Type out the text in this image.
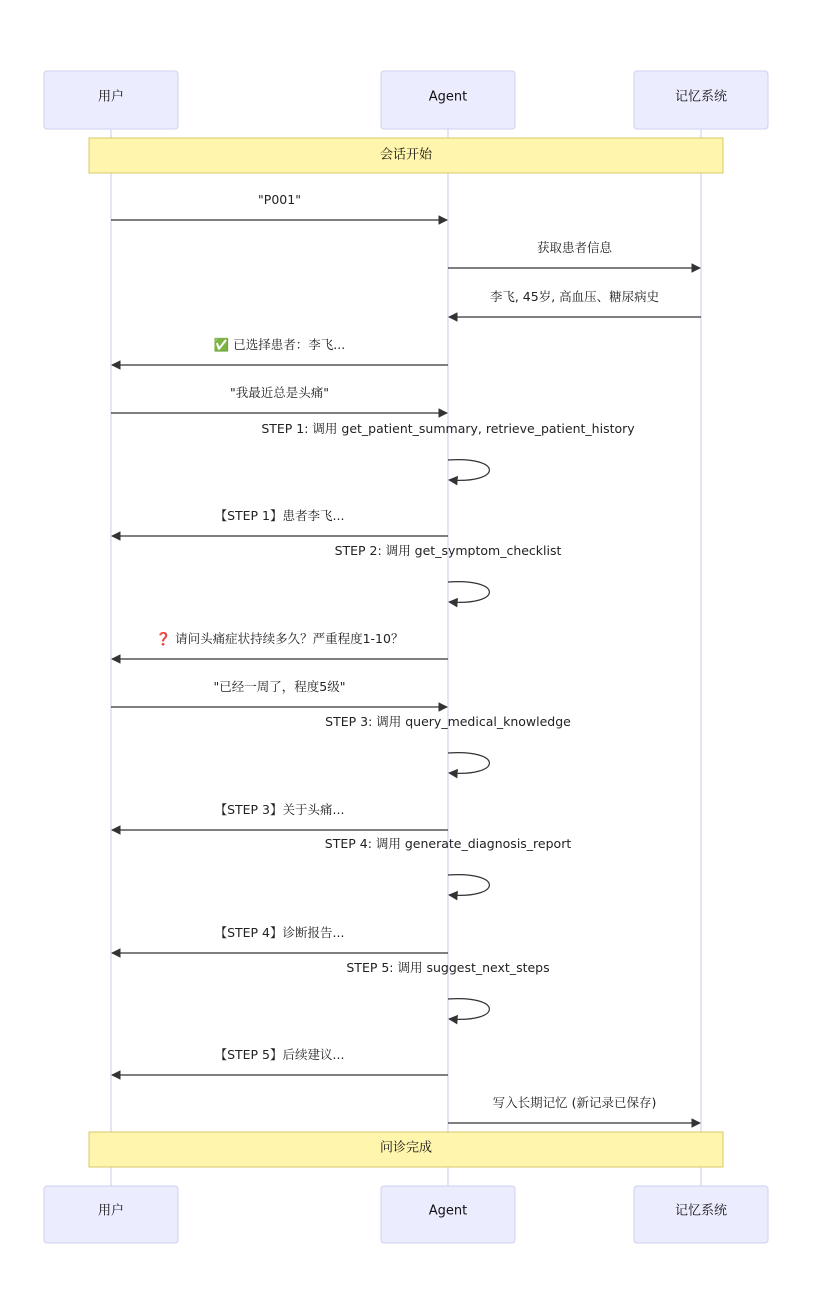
用户	Agent	记忆系统
会话开始
"P001"
获取患者信息
李飞, 45岁, 高血压、糖尿病史
✅ 已选择患者：李飞...
"我最近总是头痛"
STEP 1: 调用 get_patient_summary, retrieve_patient_history
【STEP 1】患者李飞...
STEP 2: 调用 get_symptom_checklist
❓ 请问头痛症状持续多久？严重程度1-10？
"已经一周了，程度5级"
STEP 3: 调用 query_medical_knowledge
【STEP 3】关于头痛...
STEP 4: 调用 generate_diagnosis_report
【STEP 4】诊断报告...
STEP 5: 调用 suggest_next_steps
【STEP 5】后续建议...
写入长期记忆 (新记录已保存)
问诊完成
用户	Agent	记忆系统
